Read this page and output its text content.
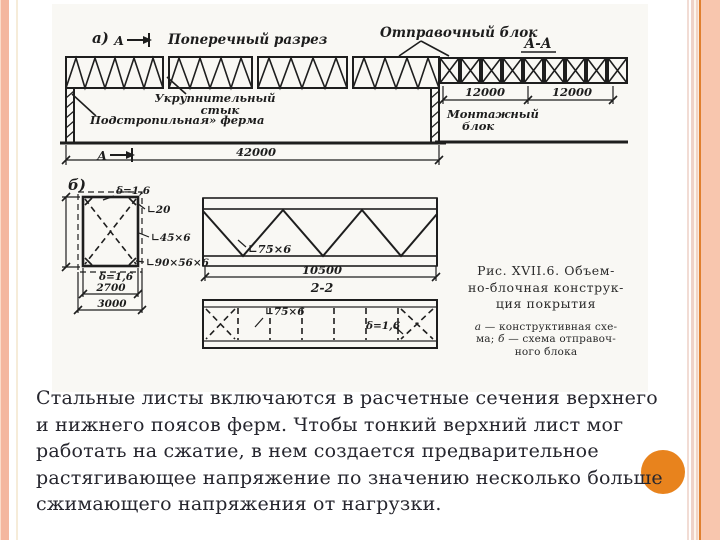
а) А	Поперечный разрез	Отправочный блок
Укрупнительный
стык
Подстропильная» ферма
42000
А
А-А
12000	12000
Монтажный
блок
б)	δ=1,6
∟20
∟45×6
∟90×56×6
δ=1,6
2700
3000
∟75×6
10500
2-2
∟75×6
δ=1,6
Рис. XVII.6. Объем-
но-блочная конструк-
ция покрытия
а — конструктивная схе-
ма; б — схема отправоч-
ного блока
Стальные листы включаются в расчетные сечения верхнего
и нижнего поясов ферм. Чтобы тонкий верхний лист мог
работать на сжатие, в нем создается предварительное
растягивающее напряжение по значению несколько больше
сжимающего напряжения от нагрузки.
